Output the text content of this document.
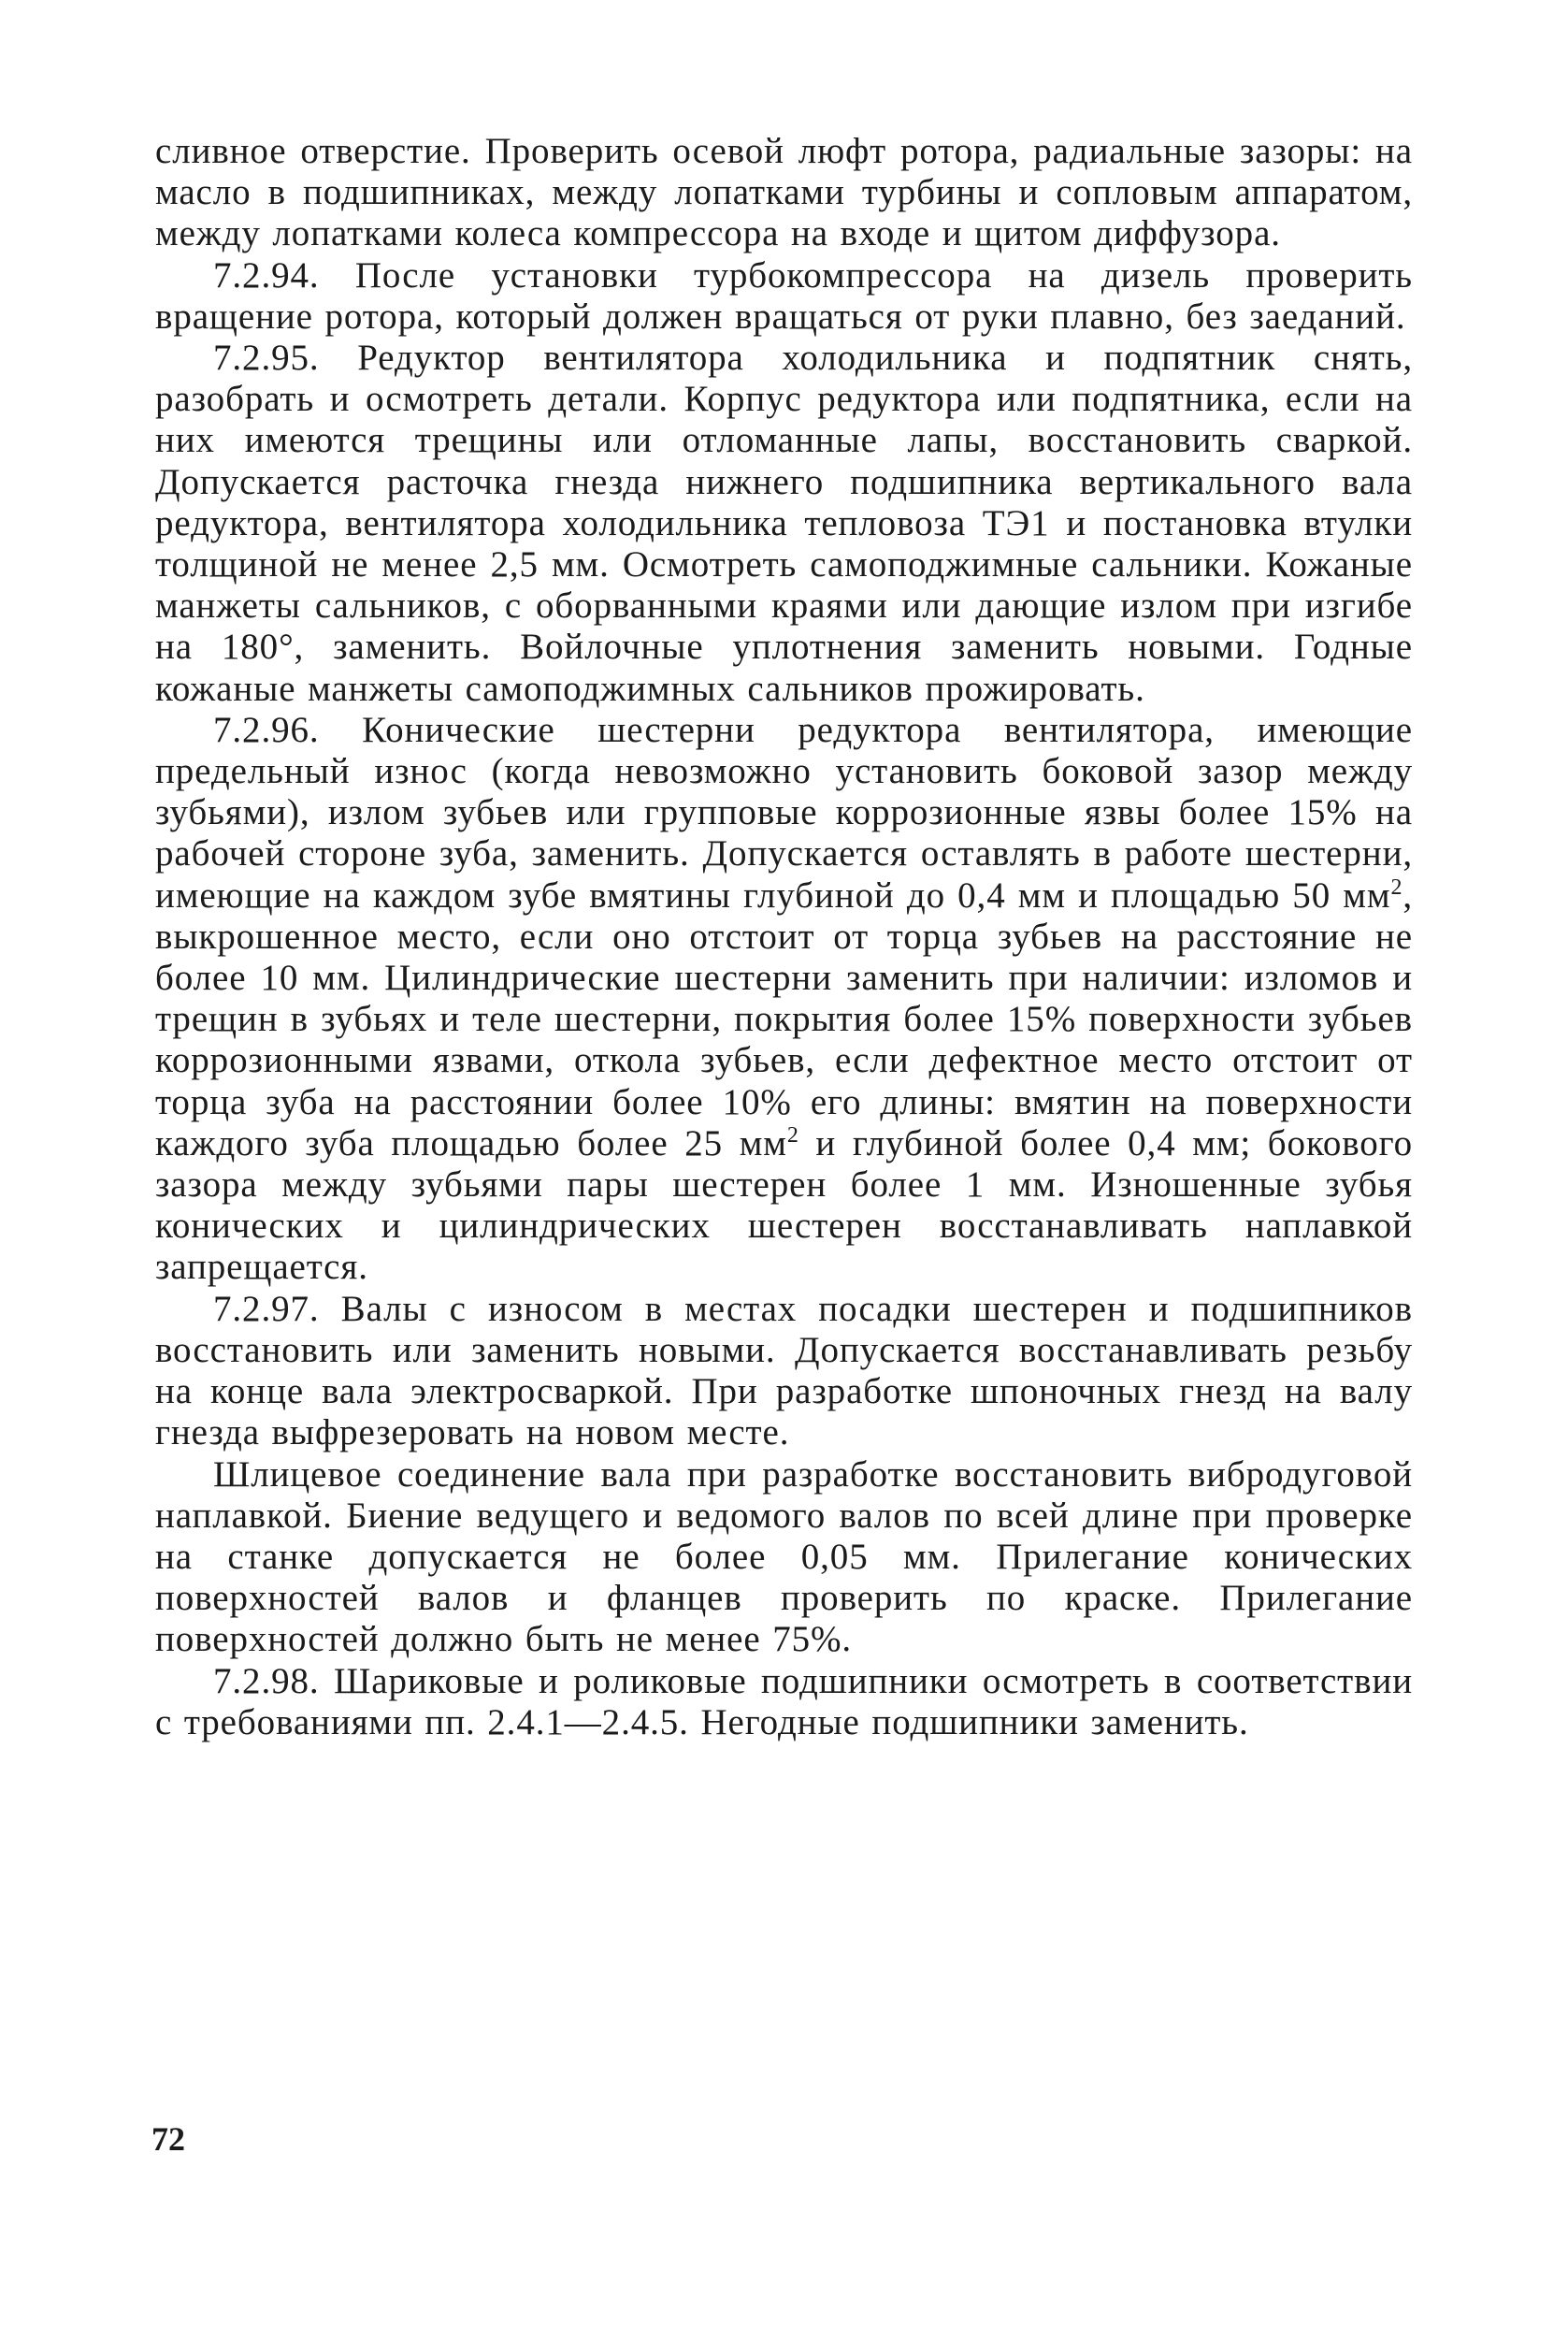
сливное отверстие. Проверить осевой люфт ротора, радиальные зазоры: на масло в подшипниках, между лопатками турбины и сопловым аппаратом, между лопатками колеса компрессора на входе и щитом диффузора.

7.2.94. После установки турбокомпрессора на дизель проверить вращение ротора, который должен вращаться от руки плавно, без заеданий.

7.2.95. Редуктор вентилятора холодильника и подпятник снять, разобрать и осмотреть детали. Корпус редуктора или подпятника, если на них имеются трещины или отломанные лапы, восстановить сваркой. Допускается расточка гнезда нижнего подшипника вертикального вала редуктора, вентилятора холодильника тепловоза ТЭ1 и постановка втулки толщиной не менее 2,5 мм. Осмотреть самоподжимные сальники. Кожаные манжеты сальников, с оборванными краями или дающие излом при изгибе на 180°, заменить. Войлочные уплотнения заменить новыми. Годные кожаные манжеты самоподжимных сальников прожировать.

7.2.96. Конические шестерни редуктора вентилятора, имеющие предельный износ (когда невозможно установить боковой зазор между зубьями), излом зубьев или групповые коррозионные язвы более 15% на рабочей стороне зуба, заменить. Допускается оставлять в работе шестерни, имеющие на каждом зубе вмятины глубиной до 0,4 мм и площадью 50 $мм^2$, выкрошенное место, если оно отстоит от торца зубьев на расстояние не более 10 мм. Цилиндрические шестерни заменить при наличии: изломов и трещин в зубьях и теле шестерни, покрытия более 15% поверхности зубьев коррозионными язвами, откола зубьев, если дефектное место отстоит от торца зуба на расстоянии более 10% его длины: вмятин на поверхности каждого зуба площадью более 25 $мм^2$ и глубиной более 0,4 мм; бокового зазора между зубьями пары шестерен более 1 мм. Изношенные зубья конических и цилиндрических шестерен восстанавливать наплавкой запрещается.

7.2.97. Валы с износом в местах посадки шестерен и подшипников восстановить или заменить новыми. Допускается восстанавливать резьбу на конце вала электросваркой. При разработке шпоночных гнезд на валу гнезда выфрезеровать на новом месте.

Шлицевое соединение вала при разработке восстановить вибродуговой наплавкой. Биение ведущего и ведомого валов по всей длине при проверке на станке допускается не более 0,05 мм. Прилегание конических поверхностей валов и фланцев проверить по краске. Прилегание поверхностей должно быть не менее 75%.

7.2.98. Шариковые и роликовые подшипники осмотреть в соответствии с требованиями пп. 2.4.1—2.4.5. Негодные подшипники заменить.

72
